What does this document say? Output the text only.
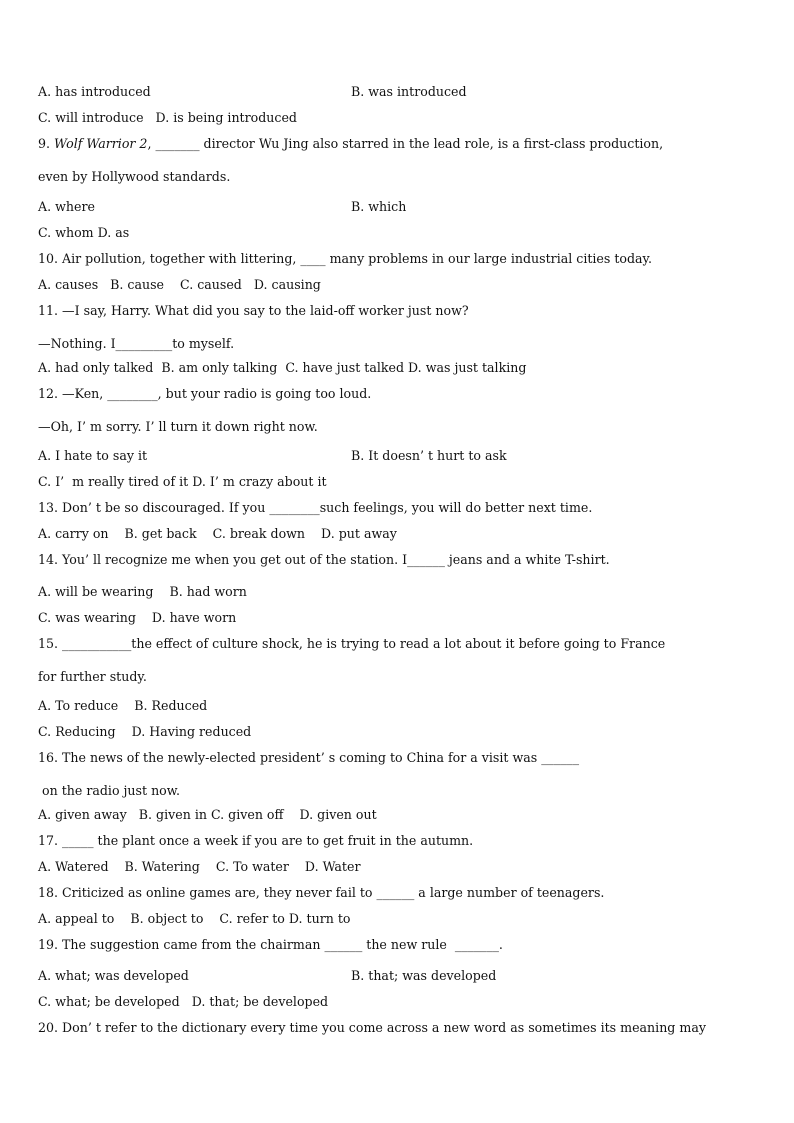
A. has introduced	B. was introduced
C. will introduce   D. is being introduced
9. Wolf Warrior 2, _______ director Wu Jing also starred in the lead role, is a first-class production,
even by Hollywood standards.
A. where	B. which
C. whom D. as
10. Air pollution, together with littering, ____ many problems in our large industrial cities today.
A. causes   B. cause    C. caused   D. causing
11. —I say, Harry. What did you say to the laid-off worker just now?
—Nothing. I_________to myself.
A. had only talked  B. am only talking  C. have just talked D. was just talking
12. —Ken, ________, but your radio is going too loud.
—Oh, I’ m sorry. I’ ll turn it down right now.
A. I hate to say it	B. It doesn’ t hurt to ask
C. I’  m really tired of it D. I’ m crazy about it
13. Don’ t be so discouraged. If you ________such feelings, you will do better next time.
A. carry on    B. get back    C. break down    D. put away
14. You’ ll recognize me when you get out of the station. I______ jeans and a white T-shirt.
A. will be wearing    B. had worn
C. was wearing    D. have worn
15. ___________the effect of culture shock, he is trying to read a lot about it before going to France
for further study.
A. To reduce    B. Reduced
C. Reducing    D. Having reduced
16. The news of the newly-elected president’ s coming to China for a visit was ______
on the radio just now.
A. given away   B. given in C. given off    D. given out
17. _____ the plant once a week if you are to get fruit in the autumn.
A. Watered    B. Watering    C. To water    D. Water
18. Criticized as online games are, they never fail to ______ a large number of teenagers.
A. appeal to    B. object to    C. refer to D. turn to
19. The suggestion came from the chairman ______ the new rule  _______.
A. what; was developed	B. that; was developed
C. what; be developed   D. that; be developed
20. Don’ t refer to the dictionary every time you come across a new word as sometimes its meaning may
